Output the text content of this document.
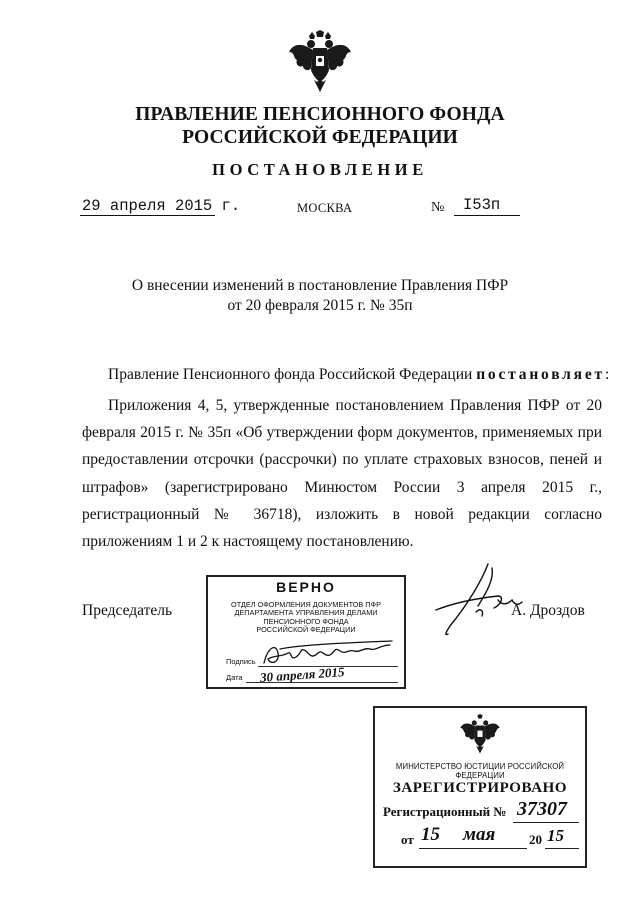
ПРАВЛЕНИЕ ПЕНСИОННОГО ФОНДА
РОССИЙСКОЙ ФЕДЕРАЦИИ
ПОСТАНОВЛЕНИЕ
29 апреля 2015 г.	МОСКВА	№ I53п
О внесении изменений в постановление Правления ПФР
от 20 февраля 2015 г. № 35п
Правление Пенсионного фонда Российской Федерации постановляет:
Приложения 4, 5, утвержденные постановлением Правления ПФР от 20 февраля 2015 г. № 35п «Об утверждении форм документов, применяемых при предоставлении отсрочки (рассрочки) по уплате страховых взносов, пеней и штрафов» (зарегистрировано Минюстом России 3 апреля 2015 г., регистрационный № 36718), изложить в новой редакции согласно приложениям 1 и 2 к настоящему постановлению.
Председатель	А. Дроздов
ВЕРНО
ОТДЕЛ ОФОРМЛЕНИЯ ДОКУМЕНТОВ ПФР
ДЕПАРТАМЕНТА УПРАВЛЕНИЯ ДЕЛАМИ
ПЕНСИОННОГО ФОНДА
РОССИЙСКОЙ ФЕДЕРАЦИИ
Подпись
Дата 30 апреля 2015
МИНИСТЕРСТВО ЮСТИЦИИ РОССИЙСКОЙ ФЕДЕРАЦИИ
ЗАРЕГИСТРИРОВАНО
Регистрационный № 37307
от 15 мая	20 15
